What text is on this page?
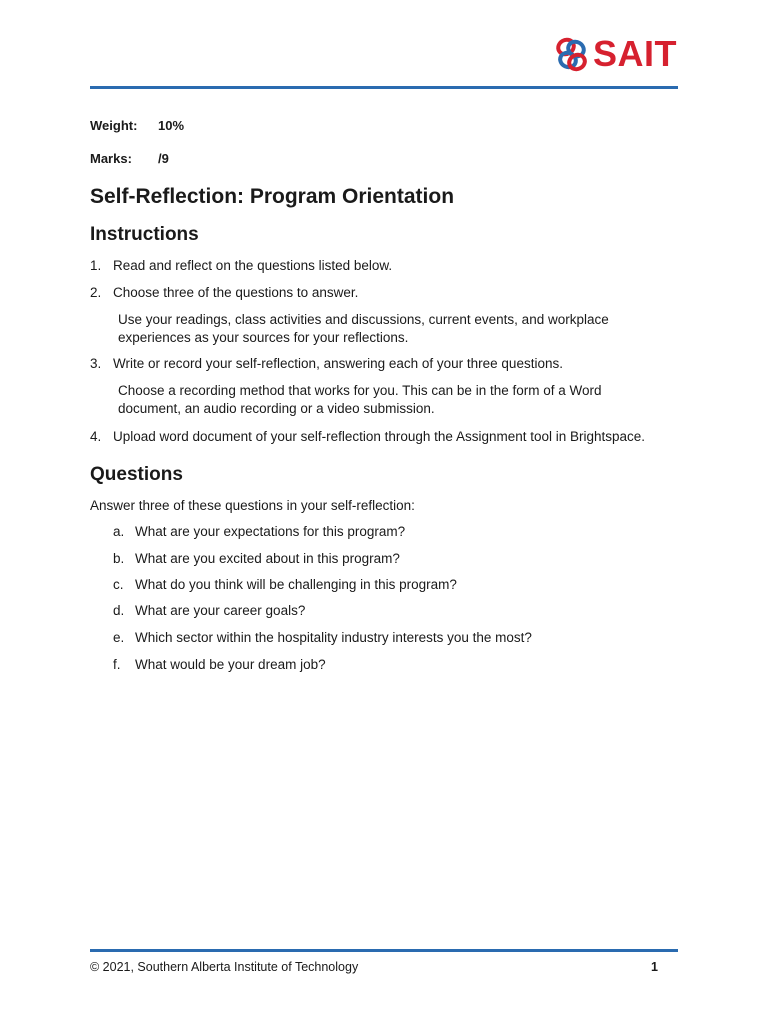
SAIT
Weight: 10%
Marks: /9
Self-Reflection: Program Orientation
Instructions
1. Read and reflect on the questions listed below.
2. Choose three of the questions to answer.
Use your readings, class activities and discussions, current events, and workplace experiences as your sources for your reflections.
3. Write or record your self-reflection, answering each of your three questions.
Choose a recording method that works for you. This can be in the form of a Word document, an audio recording or a video submission.
4. Upload word document of your self-reflection through the Assignment tool in Brightspace.
Questions
Answer three of these questions in your self-reflection:
a. What are your expectations for this program?
b. What are you excited about in this program?
c. What do you think will be challenging in this program?
d. What are your career goals?
e. Which sector within the hospitality industry interests you the most?
f. What would be your dream job?
© 2021, Southern Alberta Institute of Technology	1
